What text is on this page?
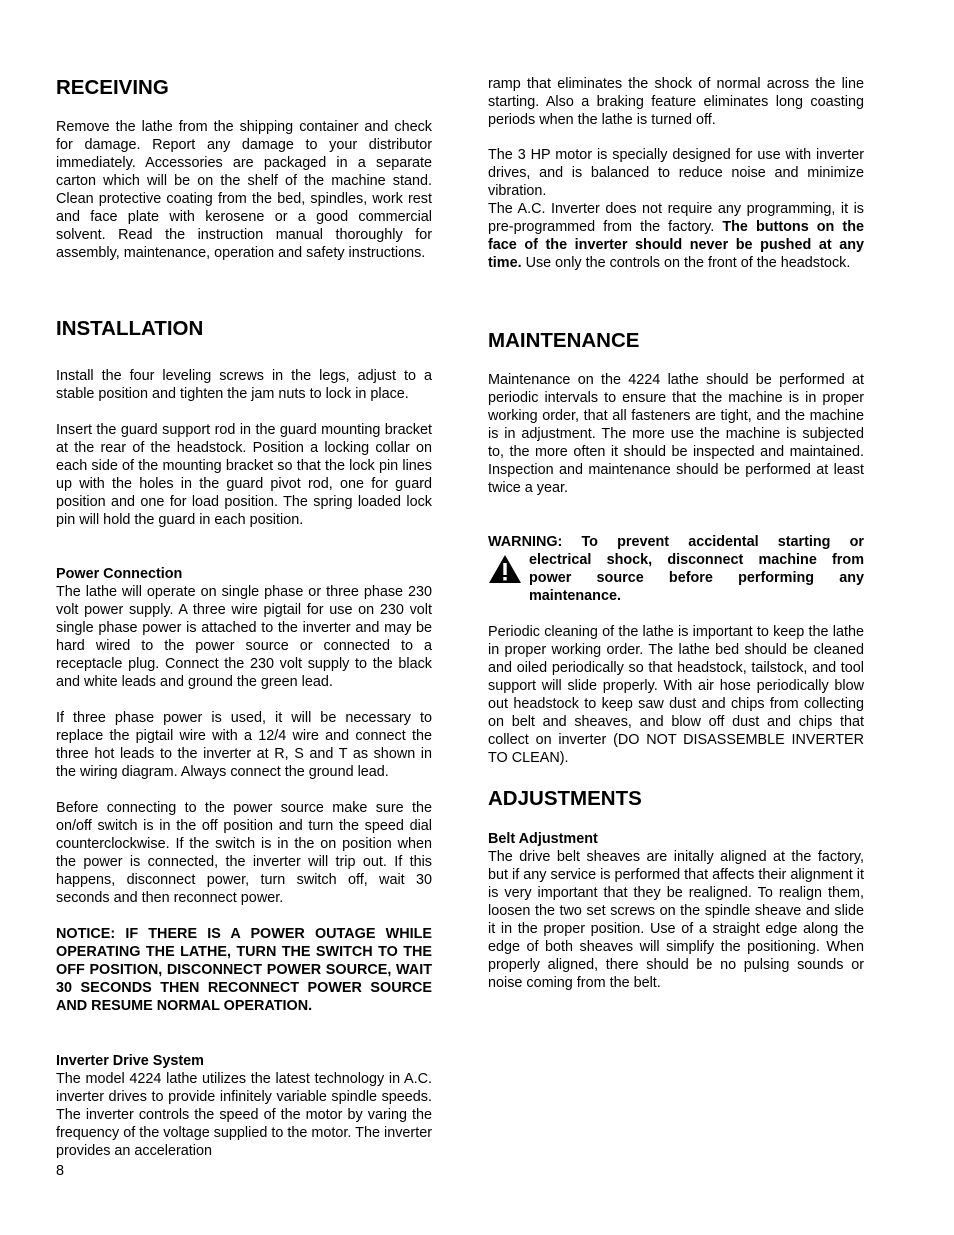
RECEIVING

Remove the lathe from the shipping container and check for damage. Report any damage to your distributor immediately. Accessories are packaged in a separate carton which will be on the shelf of the machine stand. Clean protective coating from the bed, spindles, work rest and face plate with kerosene or a good commercial solvent. Read the instruction manual thoroughly for assembly, maintenance, operation and safety instructions.

INSTALLATION

Install the four leveling screws in the legs, adjust to a stable position and tighten the jam nuts to lock in place.

Insert the guard support rod in the guard mounting bracket at the rear of the headstock. Position a locking collar on each side of the mounting bracket so that the lock pin lines up with the holes in the guard pivot rod, one for guard position and one for load position. The spring loaded lock pin will hold the guard in each position.

Power Connection

The lathe will operate on single phase or three phase 230 volt power supply. A three wire pigtail for use on 230 volt single phase power is attached to the inverter and may be hard wired to the power source or connected to a receptacle plug. Connect the 230 volt supply to the black and white leads and ground the green lead.

If three phase power is used, it will be necessary to replace the pigtail wire with a 12/4 wire and connect the three hot leads to the inverter at R, S and T as shown in the wiring diagram. Always connect the ground lead.

Before connecting to the power source make sure the on/off switch is in the off position and turn the speed dial counterclockwise. If the switch is in the on position when the power is connected, the inverter will trip out. If this happens, disconnect power, turn switch off, wait 30 seconds and then reconnect power.

NOTICE: IF THERE IS A POWER OUTAGE WHILE OPERATING THE LATHE, TURN THE SWITCH TO THE OFF POSITION, DISCONNECT POWER SOURCE, WAIT 30 SECONDS THEN RECONNECT POWER SOURCE AND RESUME NORMAL OPERATION.

Inverter Drive System

The model 4224 lathe utilizes the latest technology in A.C. inverter drives to provide infinitely variable spindle speeds. The inverter controls the speed of the motor by varing the frequency of the voltage supplied to the motor. The inverter provides an acceleration

ramp that eliminates the shock of normal across the line starting. Also a braking feature eliminates long coasting periods when the lathe is turned off.

The 3 HP motor is specially designed for use with inverter drives, and is balanced to reduce noise and minimize vibration.

The A.C. Inverter does not require any programming, it is pre-programmed from the factory. The buttons on the face of the inverter should never be pushed at any time. Use only the controls on the front of the headstock.

MAINTENANCE

Maintenance on the 4224 lathe should be performed at periodic intervals to ensure that the machine is in proper working order, that all fasteners are tight, and the machine is in adjustment. The more use the machine is subjected to, the more often it should be inspected and maintained. Inspection and maintenance should be performed at least twice a year.

WARNING: To prevent accidental starting or
electrical shock, disconnect machine from power source before performing any maintenance.

Periodic cleaning of the lathe is important to keep the lathe in proper working order. The lathe bed should be cleaned and oiled periodically so that headstock, tailstock, and tool support will slide properly. With air hose periodically blow out headstock to keep saw dust and chips from collecting on belt and sheaves, and blow off dust and chips that collect on inverter (DO NOT DISASSEMBLE INVERTER TO CLEAN).

ADJUSTMENTS
Belt Adjustment

The drive belt sheaves are initally aligned at the factory, but if any service is performed that affects their alignment it is very important that they be realigned. To realign them, loosen the two set screws on the spindle sheave and slide it in the proper position. Use of a straight edge along the edge of both sheaves will simplify the positioning. When properly aligned, there should be no pulsing sounds or noise coming from the belt.

8
